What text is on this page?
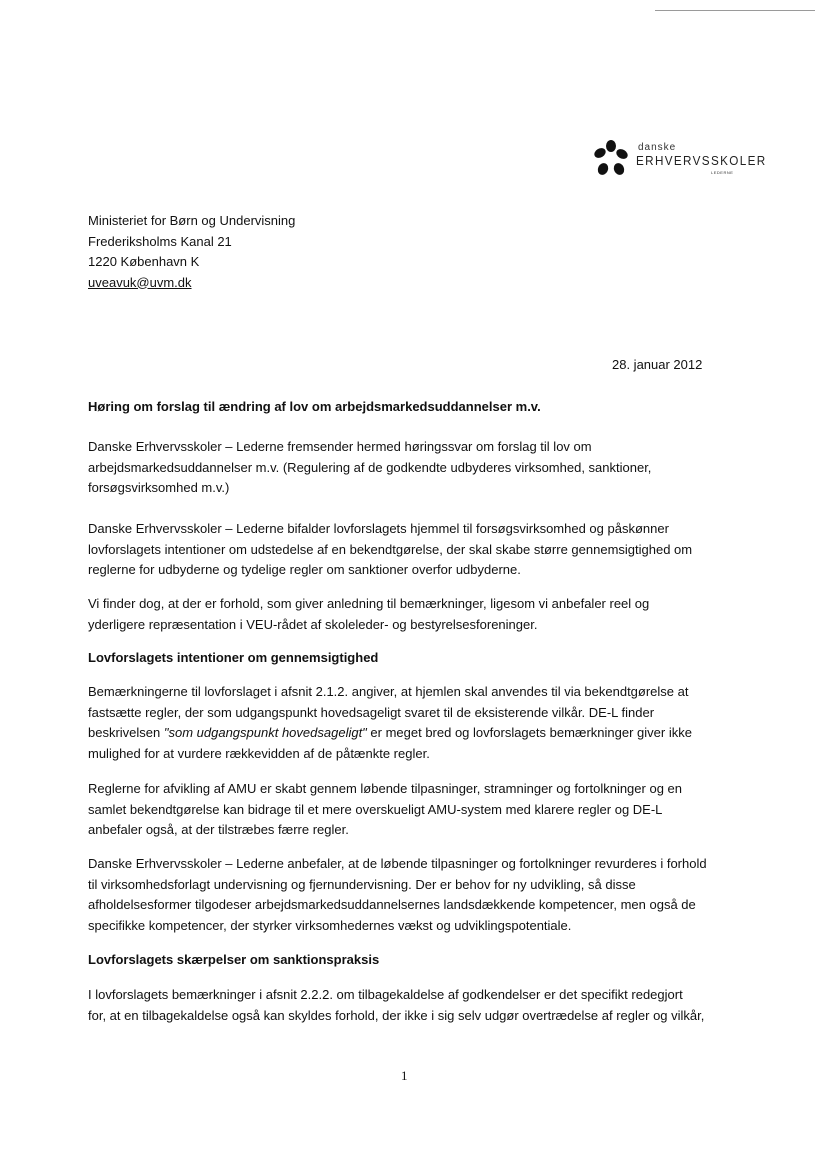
danske
ERHVERVSSKOLER
LEDERNE
Ministeriet for Børn og Undervisning
Frederiksholms Kanal 21
1220 København K
uveavuk@uvm.dk
28. januar 2012
Høring om forslag til ændring af lov om arbejdsmarkedsuddannelser m.v.
Danske Erhvervsskoler – Lederne fremsender hermed høringssvar om forslag til lov om
arbejdsmarkedsuddannelser m.v. (Regulering af de godkendte udbyderes virksomhed, sanktioner,
forsøgsvirksomhed m.v.)
Danske Erhvervsskoler – Lederne bifalder lovforslagets hjemmel til forsøgsvirksomhed og påskønner
lovforslagets intentioner om udstedelse af en bekendtgørelse, der skal skabe større gennemsigtighed om
reglerne for udbyderne og tydelige regler om sanktioner overfor udbyderne.
Vi finder dog, at der er forhold, som giver anledning til bemærkninger, ligesom vi anbefaler reel og
yderligere repræsentation i VEU-rådet af skoleleder- og bestyrelsesforeninger.
Lovforslagets intentioner om gennemsigtighed
Bemærkningerne til lovforslaget i afsnit 2.1.2. angiver, at hjemlen skal anvendes til via bekendtgørelse at
fastsætte regler, der som udgangspunkt hovedsageligt svaret til de eksisterende vilkår. DE-L finder
beskrivelsen "som udgangspunkt hovedsageligt" er meget bred og lovforslagets bemærkninger giver ikke
mulighed for at vurdere rækkevidden af de påtænkte regler.
Reglerne for afvikling af AMU er skabt gennem løbende tilpasninger, stramninger og fortolkninger og en
samlet bekendtgørelse kan bidrage til et mere overskueligt AMU-system med klarere regler og DE-L
anbefaler også, at der tilstræbes færre regler.
Danske Erhvervsskoler – Lederne anbefaler, at de løbende tilpasninger og fortolkninger revurderes i forhold
til virksomhedsforlagt undervisning og fjernundervisning. Der er behov for ny udvikling, så disse
afholdelsesformer tilgodeser arbejdsmarkedsuddannelsernes landsdækkende kompetencer, men også de
specifikke kompetencer, der styrker virksomhedernes vækst og udviklingspotentiale.
Lovforslagets skærpelser om sanktionspraksis
I lovforslagets bemærkninger i afsnit 2.2.2. om tilbagekaldelse af godkendelser er det specifikt redegjort
for, at en tilbagekaldelse også kan skyldes forhold, der ikke i sig selv udgør overtrædelse af regler og vilkår,
1
